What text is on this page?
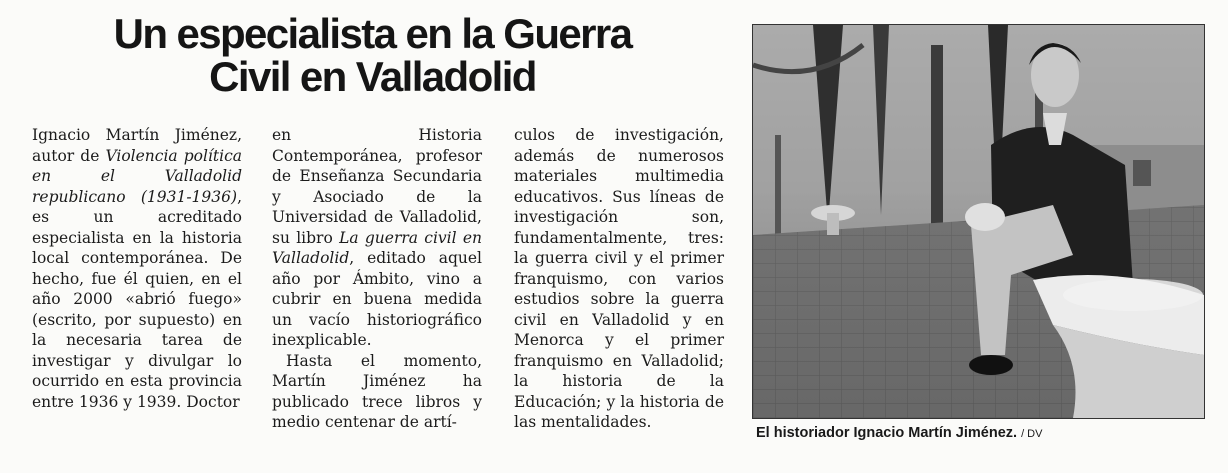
Un especialista en la Guerra
Civil en Valladolid

Ignacio Martín Jiménez, autor de Violencia política en el Valladolid republicano (1931-1936), es un acreditado especialista en la historia local contemporánea. De hecho, fue él quien, en el año 2000 «abrió fuego» (escrito, por supuesto) en la necesaria tarea de investigar y divulgar lo ocurrido en esta provincia entre 1936 y 1939. Doctor

en Historia Contemporánea, profesor de Enseñanza Secundaria y Asociado de la Universidad de Valladolid, su libro La guerra civil en Valladolid, editado aquel año por Ámbito, vino a cubrir en buena medida un vacío historiográfico inexplicable.

Hasta el momento, Martín Jiménez ha publicado trece libros y medio centenar de artí-

culos de investigación, además de numerosos materiales multimedia educativos. Sus líneas de investigación son, fundamentalmente, tres: la guerra civil y el primer franquismo, con varios estudios sobre la guerra civil en Valladolid y en Menorca y el primer franquismo en Valladolid; la historia de la Educación; y la historia de las mentalidades.

El historiador Ignacio Martín Jiménez. / DV
